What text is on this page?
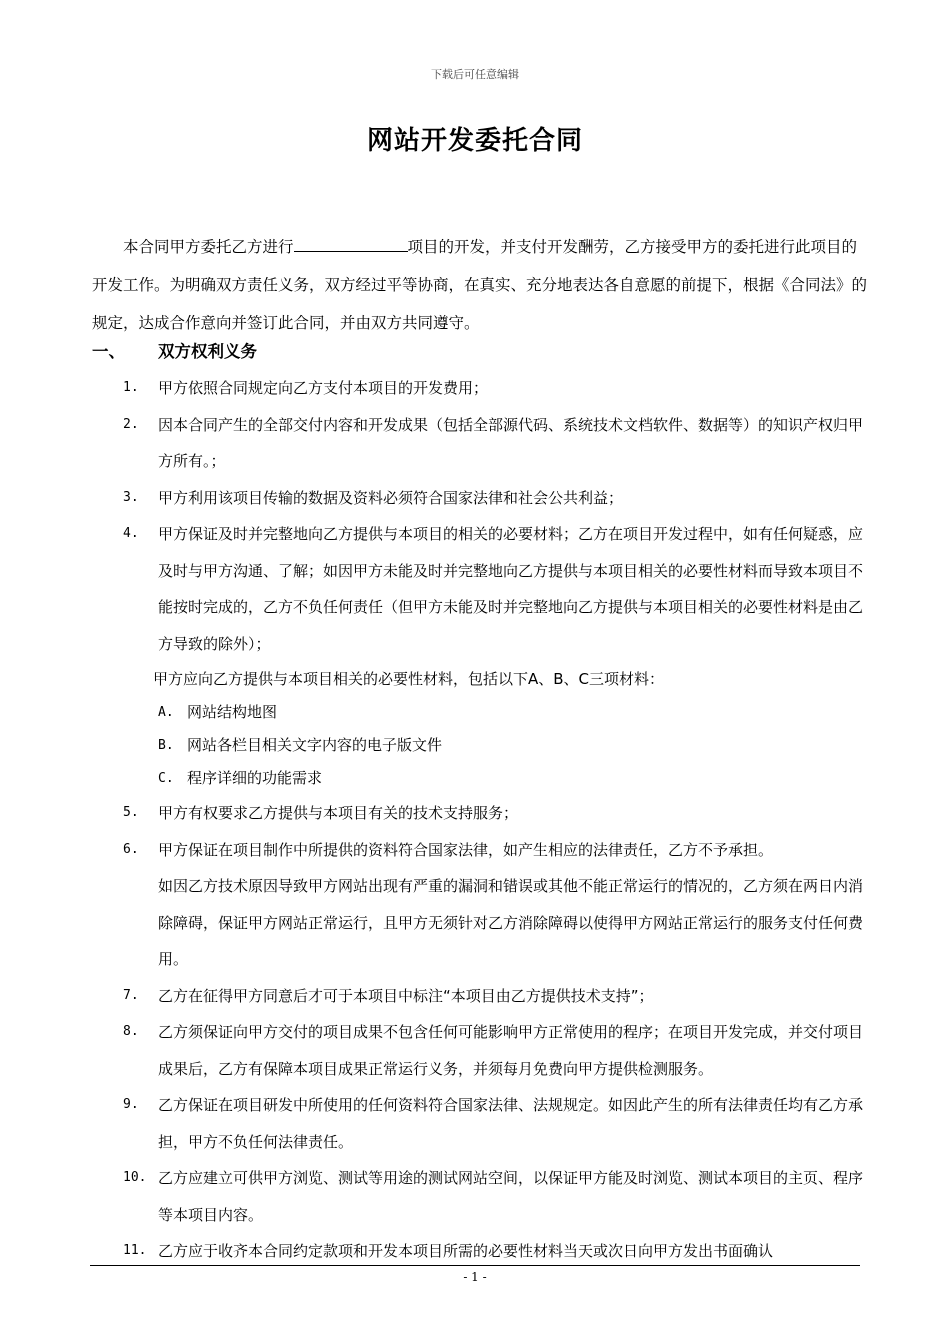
下载后可任意编辑
网站开发委托合同

本合同甲方委托乙方进行	项目的开发，并支付开发酬劳，乙方接受甲方的委托进行此项目的开发工作。为明确双方责任义务，双方经过平等协商，在真实、充分地表达各自意愿的前提下，根据《合同法》的规定，达成合作意向并签订此合同，并由双方共同遵守。

一、 双方权利义务
1. 甲方依照合同规定向乙方支付本项目的开发费用；
2. 因本合同产生的全部交付内容和开发成果（包括全部源代码、系统技术文档软件、数据等）的知识产权归甲方所有。；
3. 甲方利用该项目传输的数据及资料必须符合国家法律和社会公共利益；
4. 甲方保证及时并完整地向乙方提供与本项目的相关的必要材料；乙方在项目开发过程中，如有任何疑惑，应及时与甲方沟通、了解；如因甲方未能及时并完整地向乙方提供与本项目相关的必要性材料而导致本项目不能按时完成的，乙方不负任何责任（但甲方未能及时并完整地向乙方提供与本项目相关的必要性材料是由乙方导致的除外）；
甲方应向乙方提供与本项目相关的必要性材料，包括以下A、B、C三项材料：
A. 网站结构地图
B. 网站各栏目相关文字内容的电子版文件
C. 程序详细的功能需求
5. 甲方有权要求乙方提供与本项目有关的技术支持服务；
6. 甲方保证在项目制作中所提供的资料符合国家法律，如产生相应的法律责任，乙方不予承担。
如因乙方技术原因导致甲方网站出现有严重的漏洞和错误或其他不能正常运行的情况的，乙方须在两日内消除障碍，保证甲方网站正常运行，且甲方无须针对乙方消除障碍以使得甲方网站正常运行的服务支付任何费用。
7. 乙方在征得甲方同意后才可于本项目中标注“本项目由乙方提供技术支持”；
8. 乙方须保证向甲方交付的项目成果不包含任何可能影响甲方正常使用的程序；在项目开发完成，并交付项目成果后，乙方有保障本项目成果正常运行义务，并须每月免费向甲方提供检测服务。
9. 乙方保证在项目研发中所使用的任何资料符合国家法律、法规规定。如因此产生的所有法律责任均有乙方承担，甲方不负任何法律责任。
10. 乙方应建立可供甲方浏览、测试等用途的测试网站空间，以保证甲方能及时浏览、测试本项目的主页、程序等本项目内容。
11. 乙方应于收齐本合同约定款项和开发本项目所需的必要性材料当天或次日向甲方发出书面确认
- 1 -
